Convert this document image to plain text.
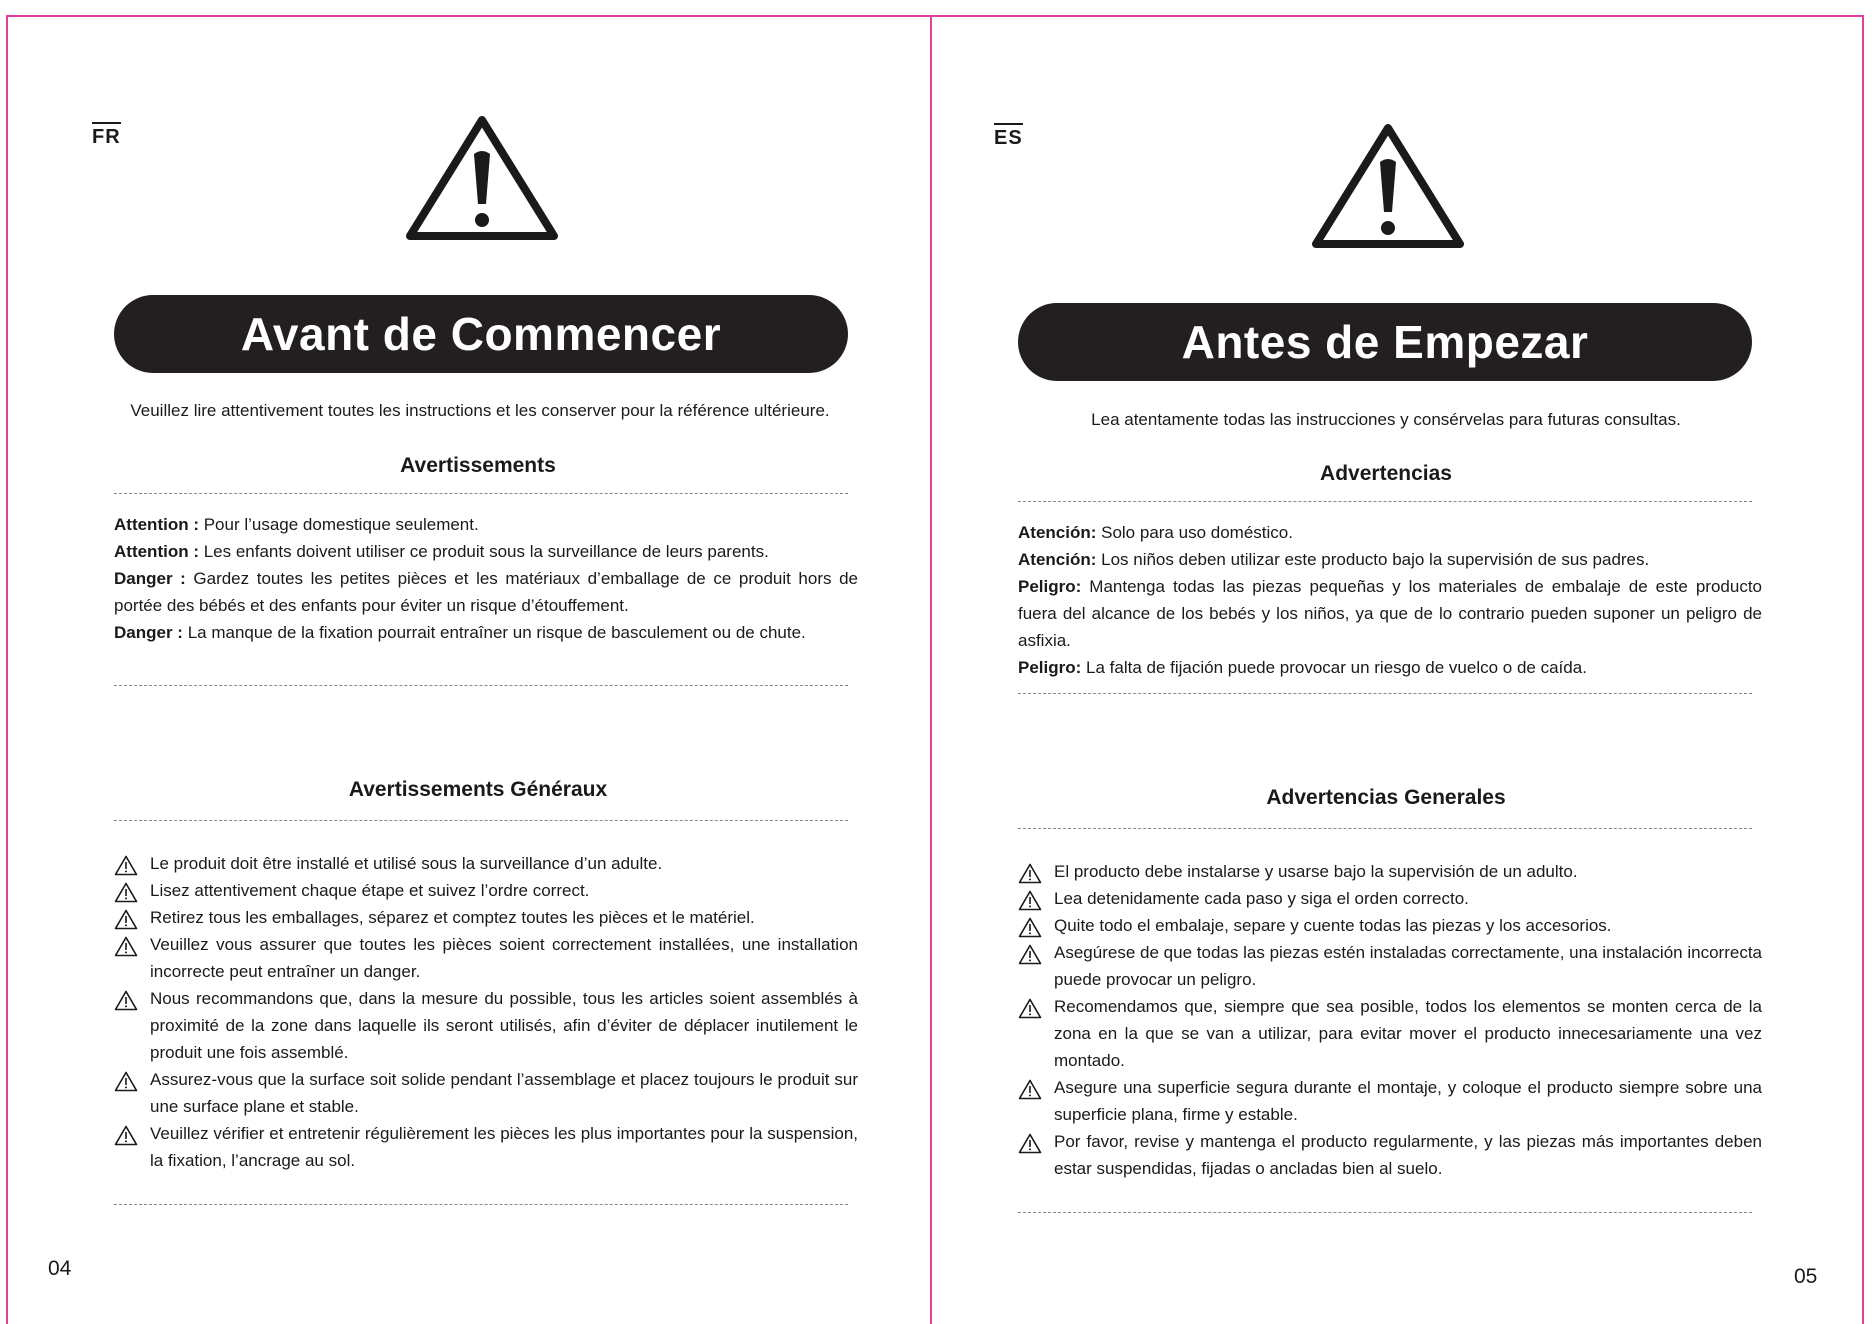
FR
Avant de Commencer
Veuillez lire attentivement toutes les instructions et les conserver pour la référence ultérieure.
Avertissements
Attention : Pour l’usage domestique seulement.
Attention : Les enfants doivent utiliser ce produit sous la surveillance de leurs parents.
Danger : Gardez toutes les petites pièces et les matériaux d’emballage de ce produit hors de portée des bébés et des enfants pour éviter un risque d’étouffement.
Danger : La manque de la fixation pourrait entraîner un risque de basculement ou de chute.
Avertissements Généraux
Le produit doit être installé et utilisé sous la surveillance d’un adulte.
Lisez attentivement chaque étape et suivez l’ordre correct.
Retirez tous les emballages, séparez et comptez toutes les pièces et le matériel.
Veuillez vous assurer que toutes les pièces soient correctement installées, une installation incorrecte peut entraîner un danger.
Nous recommandons que, dans la mesure du possible, tous les articles soient assemblés à proximité de la zone dans laquelle ils seront utilisés, afin d’éviter de déplacer inutilement le produit une fois assemblé.
Assurez-vous que la surface soit solide pendant l’assemblage et placez toujours le produit sur une surface plane et stable.
Veuillez vérifier et entretenir régulièrement les pièces les plus importantes pour la suspension, la fixation, l’ancrage au sol.
04
ES
Antes de Empezar
Lea atentamente todas las instrucciones y consérvelas para futuras consultas.
Advertencias
Atención: Solo para uso doméstico.
Atención: Los niños deben utilizar este producto bajo la supervisión de sus padres.
Peligro: Mantenga todas las piezas pequeñas y los materiales de embalaje de este producto fuera del alcance de los bebés y los niños, ya que de lo contrario pueden suponer un peligro de asfixia.
Peligro: La falta de fijación puede provocar un riesgo de vuelco o de caída.
Advertencias Generales
El producto debe instalarse y usarse bajo la supervisión de un adulto.
Lea detenidamente cada paso y siga el orden correcto.
Quite todo el embalaje, separe y cuente todas las piezas y los accesorios.
Asegúrese de que todas las piezas estén instaladas correctamente, una instalación incorrecta puede provocar un peligro.
Recomendamos que, siempre que sea posible, todos los elementos se monten cerca de la zona en la que se van a utilizar, para evitar mover el producto innecesariamente una vez montado.
Asegure una superficie segura durante el montaje, y coloque el producto siempre sobre una superficie plana, firme y estable.
Por favor, revise y mantenga el producto regularmente, y las piezas más importantes deben estar suspendidas, fijadas o ancladas bien al suelo.
05
